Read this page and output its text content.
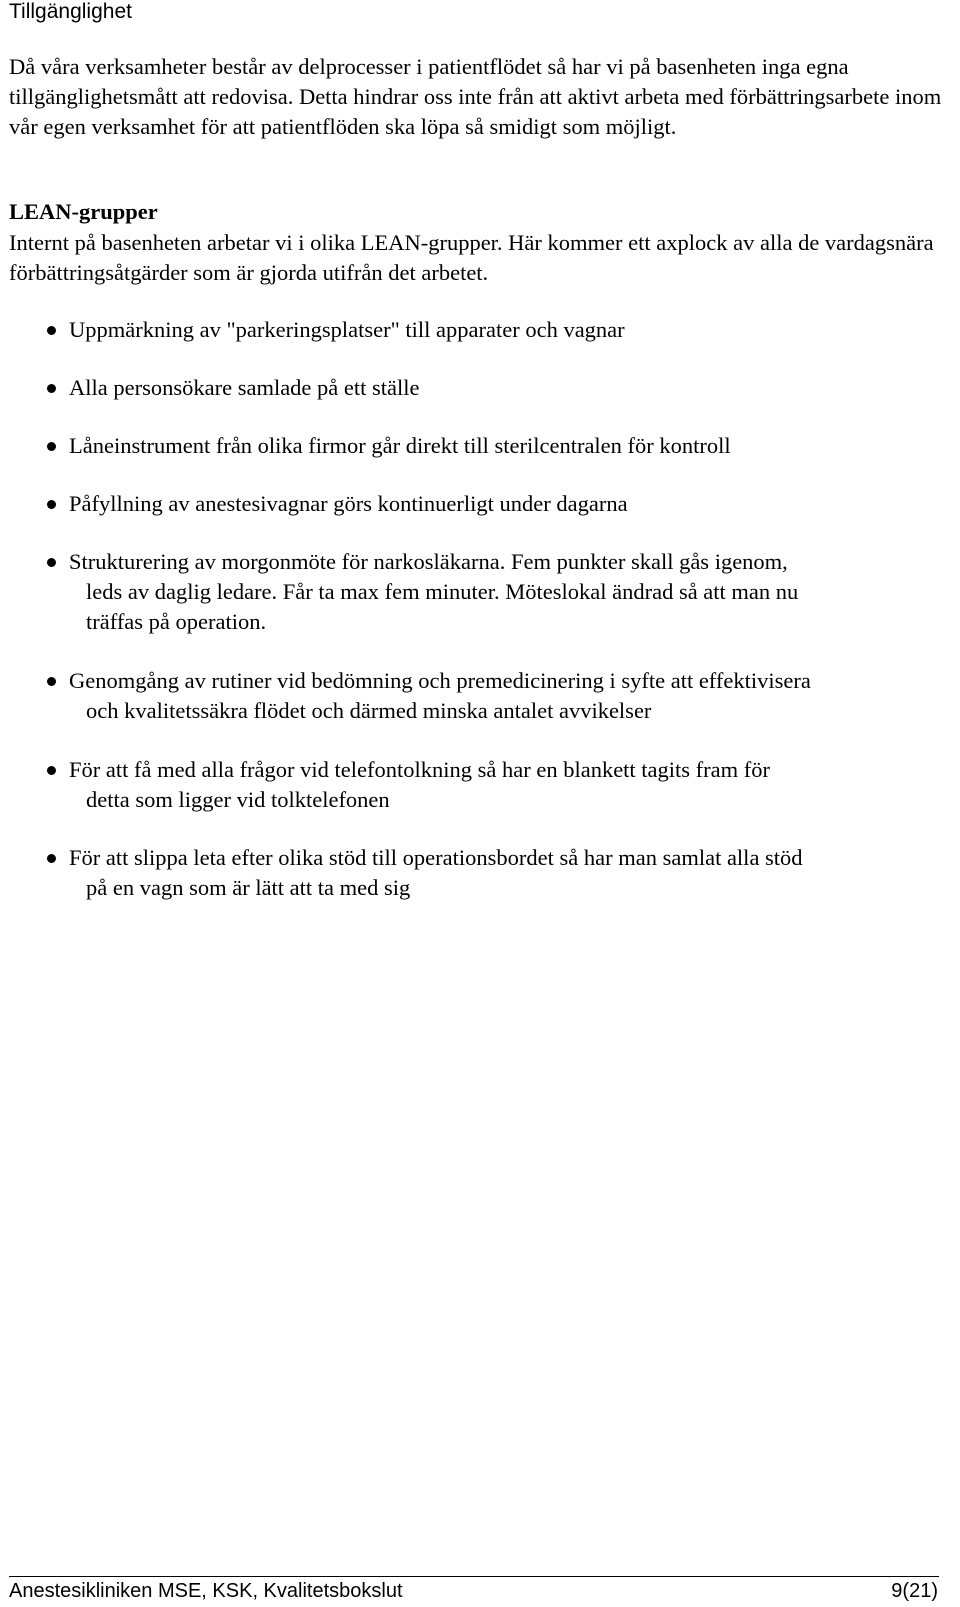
Tillgänglighet

Då våra verksamheter består av delprocesser i patientflödet så har vi på basenheten inga egna tillgänglighetsmått att redovisa. Detta hindrar oss inte från att aktivt arbeta med förbättringsarbete inom vår egen verksamhet för att patientflöden ska löpa så smidigt som möjligt.

LEAN-grupper

Internt på basenheten arbetar vi i olika LEAN-grupper. Här kommer ett axplock av alla de vardagsnära förbättringsåtgärder som är gjorda utifrån det arbetet.

Uppmärkning av "parkeringsplatser" till apparater och vagnar
Alla personsökare samlade på ett ställe
Låneinstrument från olika firmor går direkt till sterilcentralen för kontroll
Påfyllning av anestesivagnar görs kontinuerligt under dagarna
Strukturering av morgonmöte för narkosläkarna. Fem punkter skall gås igenom,
leds av daglig ledare. Får ta max fem minuter. Möteslokal ändrad så att man nu
träffas på operation.
Genomgång av rutiner vid bedömning och premedicinering i syfte att effektivisera
och kvalitetssäkra flödet och därmed minska antalet avvikelser
För att få med alla frågor vid telefontolkning så har en blankett tagits fram för
detta som ligger vid tolktelefonen
För att slippa leta efter olika stöd till operationsbordet så har man samlat alla stöd
på en vagn som är lätt att ta med sig
Anestesikliniken MSE, KSK, Kvalitetsbokslut	9(21)
